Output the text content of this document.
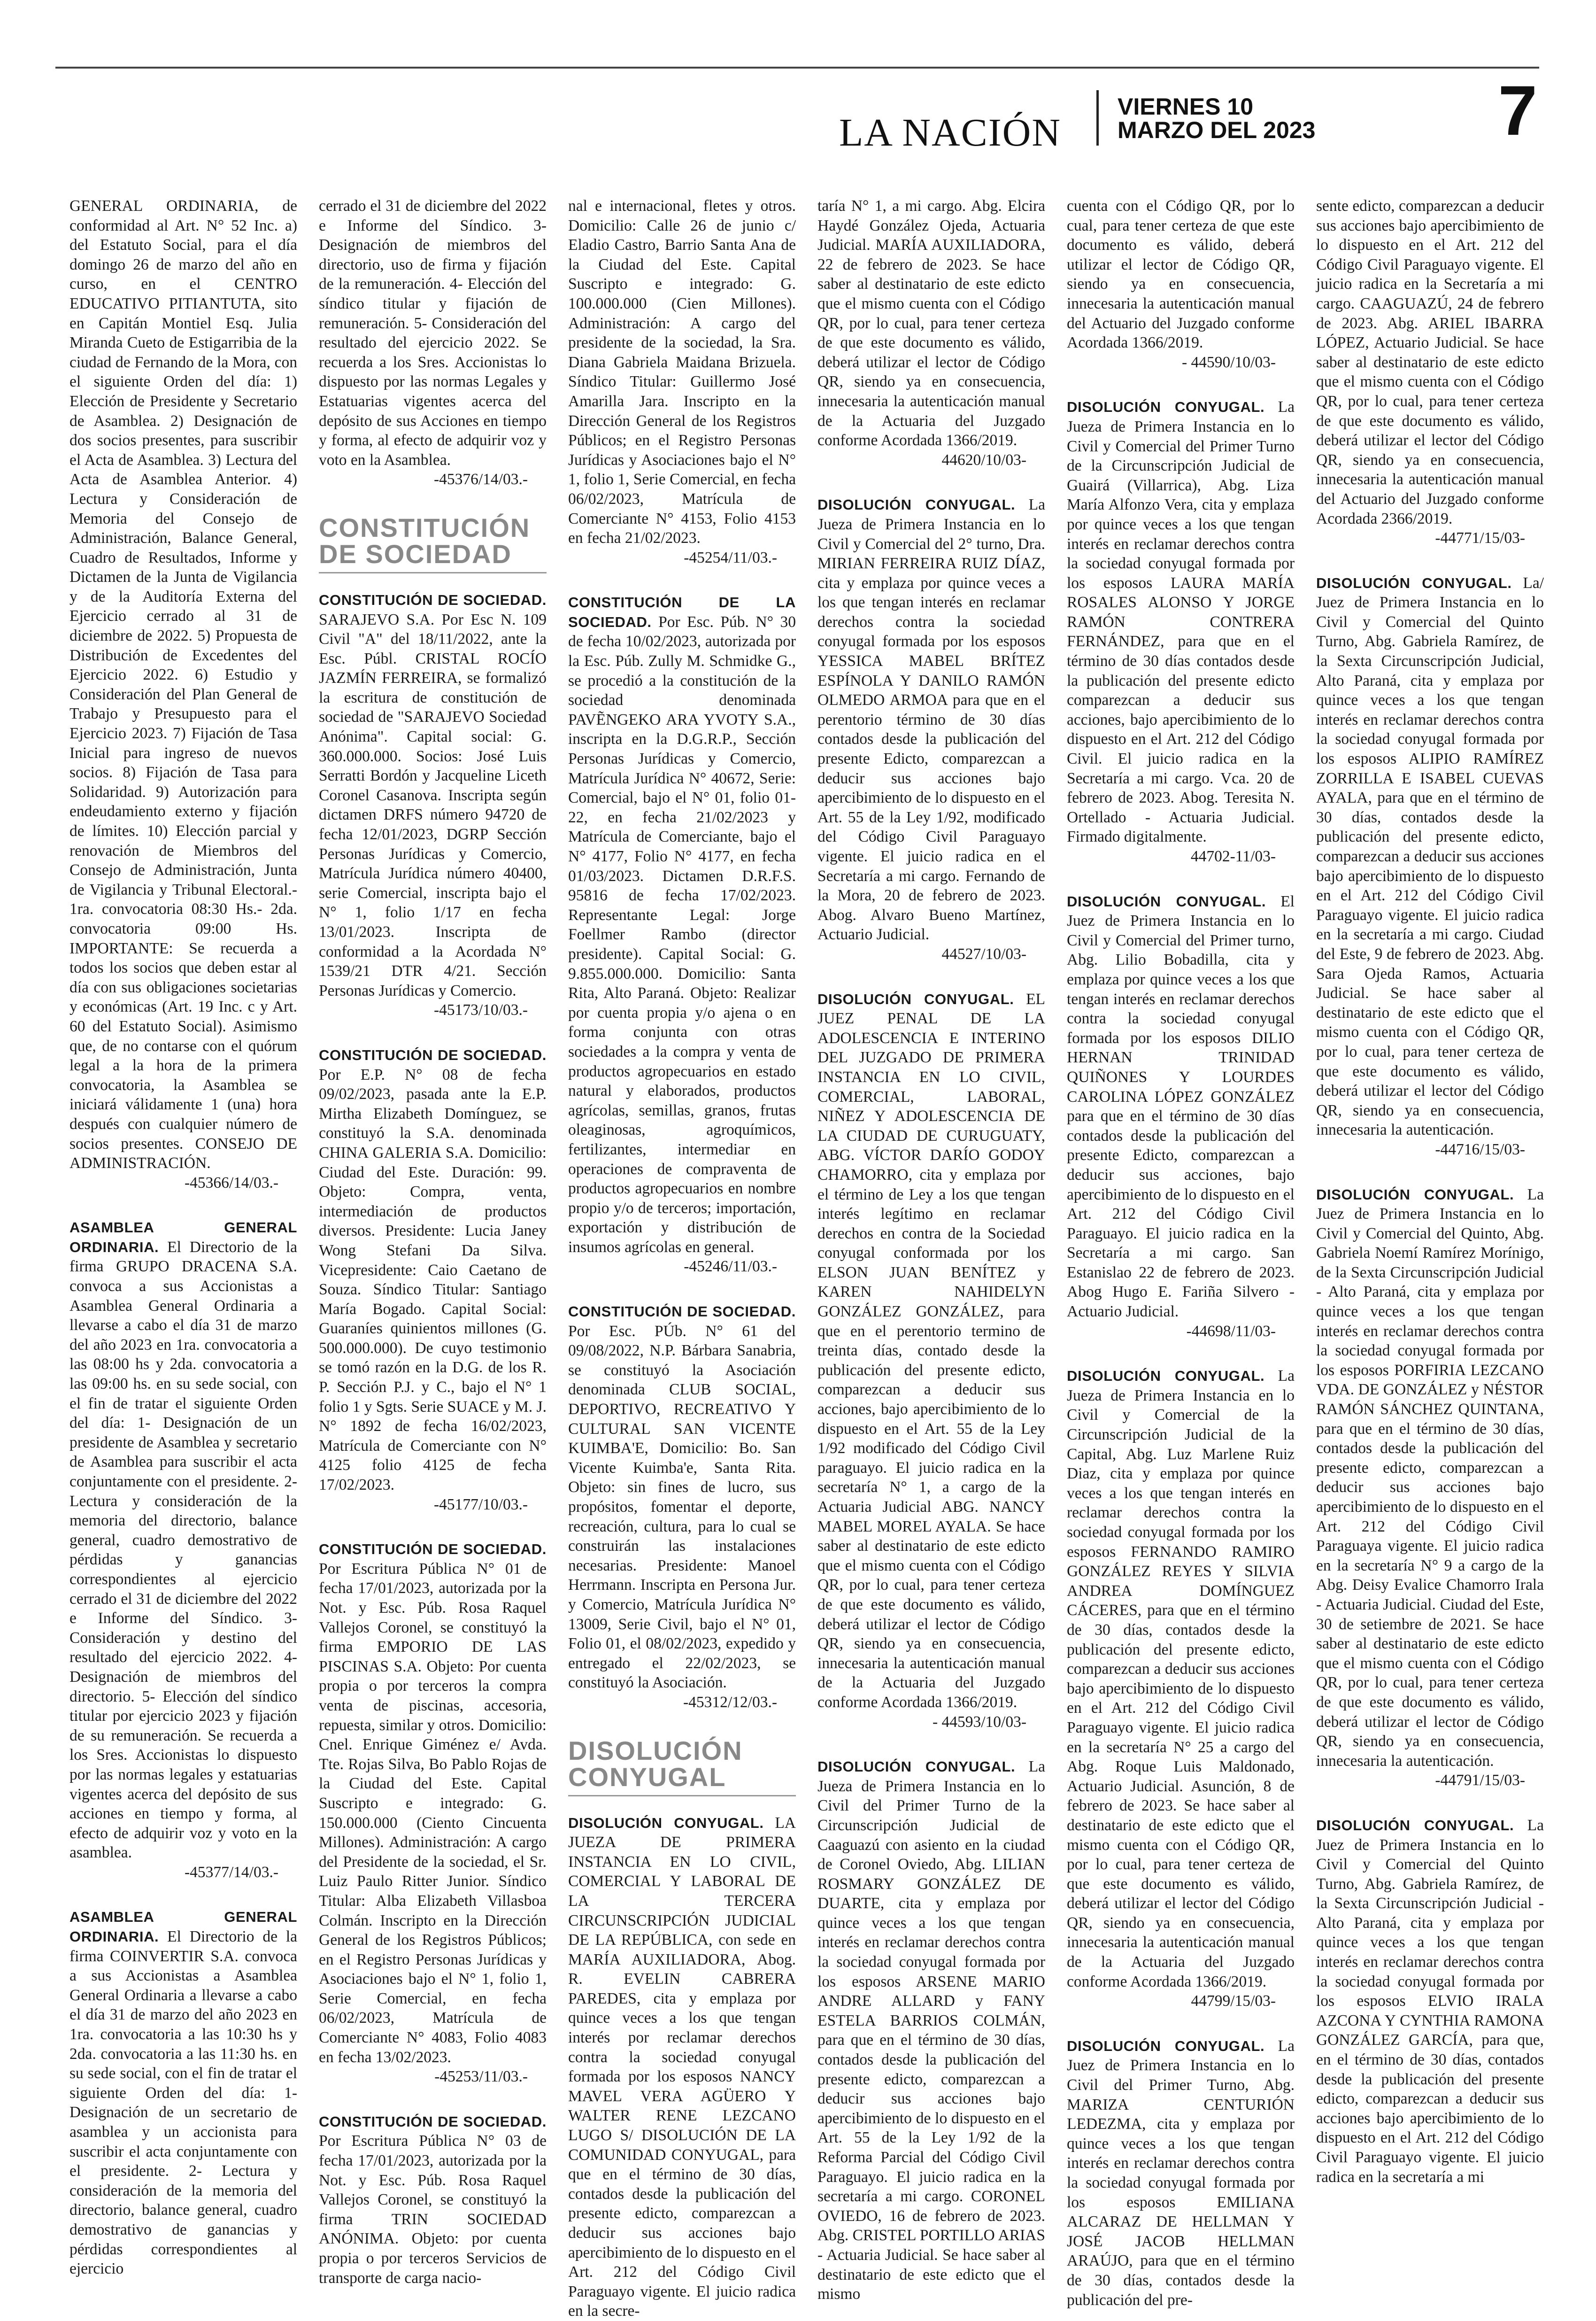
LA NACIÓN
VIERNES 10
MARZO DEL 2023	7

GENERAL ORDINARIA, de conformidad al Art. N° 52 Inc. a) del Estatuto Social, para el día domingo 26 de marzo del año en curso, en el CENTRO EDUCATIVO PITIANTUTA, sito en Capitán Montiel Esq. Julia Miranda Cueto de Estigarribia de la ciudad de Fernando de la Mora, con el siguiente Orden del día: 1) Elección de Presidente y Secretario de Asamblea. 2) Designación de dos socios presentes, para suscribir el Acta de Asamblea. 3) Lectura del Acta de Asamblea Anterior. 4) Lectura y Consideración de Memoria del Consejo de Administración, Balance General, Cuadro de Resultados, Informe y Dictamen de la Junta de Vigilancia y de la Auditoría Externa del Ejercicio cerrado al 31 de diciembre de 2022. 5) Propuesta de Distribución de Excedentes del Ejercicio 2022. 6) Estudio y Consideración del Plan General de Trabajo y Presupuesto para el Ejercicio 2023. 7) Fijación de Tasa Inicial para ingreso de nuevos socios. 8) Fijación de Tasa para Solidaridad. 9) Autorización para endeudamiento externo y fijación de límites. 10) Elección parcial y renovación de Miembros del Consejo de Administración, Junta de Vigilancia y Tribunal Electoral.- 1ra. convocatoria 08:30 Hs.- 2da. convocatoria 09:00 Hs. IMPORTANTE: Se recuerda a todos los socios que deben estar al día con sus obligaciones societarias y económicas (Art. 19 Inc. c y Art. 60 del Estatuto Social). Asimismo que, de no contarse con el quórum legal a la hora de la primera convocatoria, la Asamblea se iniciará válidamente 1 (una) hora después con cualquier número de socios presentes. CONSEJO DE ADMINISTRACIÓN.
-45366/14/03.-

ASAMBLEA GENERAL ORDINARIA. El Directorio de la firma GRUPO DRACENA S.A. convoca a sus Accionistas a Asamblea General Ordinaria a llevarse a cabo el día 31 de marzo del año 2023 en 1ra. convocatoria a las 08:00 hs y 2da. convocatoria a las 09:00 hs. en su sede social, con el fin de tratar el siguiente Orden del día: 1- Designación de un presidente de Asamblea y secretario de Asamblea para suscribir el acta conjuntamente con el presidente. 2- Lectura y consideración de la memoria del directorio, balance general, cuadro demostrativo de pérdidas y ganancias correspondientes al ejercicio cerrado el 31 de diciembre del 2022 e Informe del Síndico. 3- Consideración y destino del resultado del ejercicio 2022. 4- Designación de miembros del directorio. 5- Elección del síndico titular por ejercicio 2023 y fijación de su remuneración. Se recuerda a los Sres. Accionistas lo dispuesto por las normas legales y estatuarias vigentes acerca del depósito de sus acciones en tiempo y forma, al efecto de adquirir voz y voto en la asamblea.
-45377/14/03.-

ASAMBLEA GENERAL ORDINARIA. El Directorio de la firma COINVERTIR S.A. convoca a sus Accionistas a Asamblea General Ordinaria a llevarse a cabo el día 31 de marzo del año 2023 en 1ra. convocatoria a las 10:30 hs y 2da. convocatoria a las 11:30 hs. en su sede social, con el fin de tratar el siguiente Orden del día: 1- Designación de un secretario de asamblea y un accionista para suscribir el acta conjuntamente con el presidente. 2- Lectura y consideración de la memoria del directorio, balance general, cuadro demostrativo de ganancias y pérdidas correspondientes al ejercicio

cerrado el 31 de diciembre del 2022 e Informe del Síndico. 3- Designación de miembros del directorio, uso de firma y fijación de la remuneración. 4- Elección del síndico titular y fijación de remuneración. 5- Consideración del resultado del ejercicio 2022. Se recuerda a los Sres. Accionistas lo dispuesto por las normas Legales y Estatuarias vigentes acerca del depósito de sus Acciones en tiempo y forma, al efecto de adquirir voz y voto en la Asamblea.
-45376/14/03.-

CONSTITUCIÓN
DE SOCIEDAD

CONSTITUCIÓN DE SOCIEDAD. SARAJEVO S.A. Por Esc N. 109 Civil "A" del 18/11/2022, ante la Esc. Públ. CRISTAL ROCÍO JAZMÍN FERREIRA, se formalizó la escritura de constitución de sociedad de "SARAJEVO Sociedad Anónima". Capital social: G. 360.000.000. Socios: José Luis Serratti Bordón y Jacqueline Liceth Coronel Casanova. Inscripta según dictamen DRFS número 94720 de fecha 12/01/2023, DGRP Sección Personas Jurídicas y Comercio, Matrícula Jurídica número 40400, serie Comercial, inscripta bajo el N° 1, folio 1/17 en fecha 13/01/2023. Inscripta de conformidad a la Acordada N° 1539/21 DTR 4/21. Sección Personas Jurídicas y Comercio.
-45173/10/03.-

CONSTITUCIÓN DE SOCIEDAD. Por E.P. N° 08 de fecha 09/02/2023, pasada ante la E.P. Mirtha Elizabeth Domínguez, se constituyó la S.A. denominada CHINA GALERIA S.A. Domicilio: Ciudad del Este. Duración: 99. Objeto: Compra, venta, intermediación de productos diversos. Presidente: Lucia Janey Wong Stefani Da Silva. Vicepresidente: Caio Caetano de Souza. Síndico Titular: Santiago María Bogado. Capital Social: Guaraníes quinientos millones (G. 500.000.000). De cuyo testimonio se tomó razón en la D.G. de los R. P. Sección P.J. y C., bajo el N° 1 folio 1 y Sgts. Serie SUACE y M. J. N° 1892 de fecha 16/02/2023, Matrícula de Comerciante con N° 4125 folio 4125 de fecha 17/02/2023.
-45177/10/03.-

CONSTITUCIÓN DE SOCIEDAD. Por Escritura Pública N° 01 de fecha 17/01/2023, autorizada por la Not. y Esc. Púb. Rosa Raquel Vallejos Coronel, se constituyó la firma EMPORIO DE LAS PISCINAS S.A. Objeto: Por cuenta propia o por terceros la compra venta de piscinas, accesoria, repuesta, similar y otros. Domicilio: Cnel. Enrique Giménez e/ Avda. Tte. Rojas Silva, Bo Pablo Rojas de la Ciudad del Este. Capital Suscripto e integrado: G. 150.000.000 (Ciento Cincuenta Millones). Administración: A cargo del Presidente de la sociedad, el Sr. Luiz Paulo Ritter Junior. Síndico Titular: Alba Elizabeth Villasboa Colmán. Inscripto en la Dirección General de los Registros Públicos; en el Registro Personas Jurídicas y Asociaciones bajo el N° 1, folio 1, Serie Comercial, en fecha 06/02/2023, Matrícula de Comerciante N° 4083, Folio 4083 en fecha 13/02/2023.
-45253/11/03.-

CONSTITUCIÓN DE SOCIEDAD. Por Escritura Pública N° 03 de fecha 17/01/2023, autorizada por la Not. y Esc. Púb. Rosa Raquel Vallejos Coronel, se constituyó la firma TRIN SOCIEDAD ANÓNIMA. Objeto: por cuenta propia o por terceros Servicios de transporte de carga nacio-

nal e internacional, fletes y otros. Domicilio: Calle 26 de junio c/ Eladio Castro, Barrio Santa Ana de la Ciudad del Este. Capital Suscripto e integrado: G. 100.000.000 (Cien Millones). Administración: A cargo del presidente de la sociedad, la Sra. Diana Gabriela Maidana Brizuela. Síndico Titular: Guillermo José Amarilla Jara. Inscripto en la Dirección General de los Registros Públicos; en el Registro Personas Jurídicas y Asociaciones bajo el N° 1, folio 1, Serie Comercial, en fecha 06/02/2023, Matrícula de Comerciante N° 4153, Folio 4153 en fecha 21/02/2023.
-45254/11/03.-

CONSTITUCIÓN DE LA SOCIEDAD. Por Esc. Púb. N° 30 de fecha 10/02/2023, autorizada por la Esc. Púb. Zully M. Schmidke G., se procedió a la constitución de la sociedad denominada PAVẼNGEKO ARA YVOTY S.A., inscripta en la D.G.R.P., Sección Personas Jurídicas y Comercio, Matrícula Jurídica N° 40672, Serie: Comercial, bajo el N° 01, folio 01-22, en fecha 21/02/2023 y Matrícula de Comerciante, bajo el N° 4177, Folio N° 4177, en fecha 01/03/2023. Dictamen D.R.F.S. 95816 de fecha 17/02/2023. Representante Legal: Jorge Foellmer Rambo (director presidente). Capital Social: G. 9.855.000.000. Domicilio: Santa Rita, Alto Paraná. Objeto: Realizar por cuenta propia y/o ajena o en forma conjunta con otras sociedades a la compra y venta de productos agropecuarios en estado natural y elaborados, productos agrícolas, semillas, granos, frutas oleaginosas, agroquímicos, fertilizantes, intermediar en operaciones de compraventa de productos agropecuarios en nombre propio y/o de terceros; importación, exportación y distribución de insumos agrícolas en general.
-45246/11/03.-

CONSTITUCIÓN DE SOCIEDAD. Por Esc. PÚb. N° 61 del 09/08/2022, N.P. Bárbara Sanabria, se constituyó la Asociación denominada CLUB SOCIAL, DEPORTIVO, RECREATIVO Y CULTURAL SAN VICENTE KUIMBA'E, Domicilio: Bo. San Vicente Kuimba'e, Santa Rita. Objeto: sin fines de lucro, sus propósitos, fomentar el deporte, recreación, cultura, para lo cual se construirán las instalaciones necesarias. Presidente: Manoel Herrmann. Inscripta en Persona Jur. y Comercio, Matrícula Jurídica N° 13009, Serie Civil, bajo el N° 01, Folio 01, el 08/02/2023, expedido y entregado el 22/02/2023, se constituyó la Asociación.
-45312/12/03.-

DISOLUCIÓN
CONYUGAL

DISOLUCIÓN CONYUGAL. LA JUEZA DE PRIMERA INSTANCIA EN LO CIVIL, COMERCIAL Y LABORAL DE LA TERCERA CIRCUNSCRIPCIÓN JUDICIAL DE LA REPÚBLICA, con sede en MARÍA AUXILIADORA, Abog. R. EVELIN CABRERA PAREDES, cita y emplaza por quince veces a los que tengan interés por reclamar derechos contra la sociedad conyugal formada por los esposos NANCY MAVEL VERA AGÜERO Y WALTER RENE LEZCANO LUGO S/ DISOLUCIÓN DE LA COMUNIDAD CONYUGAL, para que en el término de 30 días, contados desde la publicación del presente edicto, comparezcan a deducir sus acciones bajo apercibimiento de lo dispuesto en el Art. 212 del Código Civil Paraguayo vigente. El juicio radica en la secre-

taría N° 1, a mi cargo. Abg. Elcira Haydé González Ojeda, Actuaria Judicial. MARÍA AUXILIADORA, 22 de febrero de 2023. Se hace saber al destinatario de este edicto que el mismo cuenta con el Código QR, por lo cual, para tener certeza de que este documento es válido, deberá utilizar el lector de Código QR, siendo ya en consecuencia, innecesaria la autenticación manual de la Actuaria del Juzgado conforme Acordada 1366/2019.
44620/10/03-

DISOLUCIÓN CONYUGAL. La Jueza de Primera Instancia en lo Civil y Comercial del 2° turno, Dra. MIRIAN FERREIRA RUIZ DÍAZ, cita y emplaza por quince veces a los que tengan interés en reclamar derechos contra la sociedad conyugal formada por los esposos YESSICA MABEL BRÍTEZ ESPÍNOLA Y DANILO RAMÓN OLMEDO ARMOA para que en el perentorio término de 30 días contados desde la publicación del presente Edicto, comparezcan a deducir sus acciones bajo apercibimiento de lo dispuesto en el Art. 55 de la Ley 1/92, modificado del Código Civil Paraguayo vigente. El juicio radica en el Secretaría a mi cargo. Fernando de la Mora, 20 de febrero de 2023. Abog. Alvaro Bueno Martínez, Actuario Judicial.
44527/10/03-

DISOLUCIÓN CONYUGAL. EL JUEZ PENAL DE LA ADOLESCENCIA E INTERINO DEL JUZGADO DE PRIMERA INSTANCIA EN LO CIVIL, COMERCIAL, LABORAL, NIÑEZ Y ADOLESCENCIA DE LA CIUDAD DE CURUGUATY, ABG. VÍCTOR DARÍO GODOY CHAMORRO, cita y emplaza por el término de Ley a los que tengan interés legítimo en reclamar derechos en contra de la Sociedad conyugal conformada por los ELSON JUAN BENÍTEZ y KAREN NAHIDELYN GONZÁLEZ GONZÁLEZ, para que en el perentorio termino de treinta días, contado desde la publicación del presente edicto, comparezcan a deducir sus acciones, bajo apercibimiento de lo dispuesto en el Art. 55 de la Ley 1/92 modificado del Código Civil paraguayo. El juicio radica en la secretaría N° 1, a cargo de la Actuaria Judicial ABG. NANCY MABEL MOREL AYALA. Se hace saber al destinatario de este edicto que el mismo cuenta con el Código QR, por lo cual, para tener certeza de que este documento es válido, deberá utilizar el lector de Código QR, siendo ya en consecuencia, innecesaria la autenticación manual de la Actuaria del Juzgado conforme Acordada 1366/2019.
- 44593/10/03-

DISOLUCIÓN CONYUGAL. La Jueza de Primera Instancia en lo Civil del Primer Turno de la Circunscripción Judicial de Caaguazú con asiento en la ciudad de Coronel Oviedo, Abg. LILIAN ROSMARY GONZÁLEZ DE DUARTE, cita y emplaza por quince veces a los que tengan interés en reclamar derechos contra la sociedad conyugal formada por los esposos ARSENE MARIO ANDRE ALLARD y FANY ESTELA BARRIOS COLMÁN, para que en el término de 30 días, contados desde la publicación del presente edicto, comparezcan a deducir sus acciones bajo apercibimiento de lo dispuesto en el Art. 55 de la Ley 1/92 de la Reforma Parcial del Código Civil Paraguayo. El juicio radica en la secretaría a mi cargo. CORONEL OVIEDO, 16 de febrero de 2023. Abg. CRISTEL PORTILLO ARIAS - Actuaria Judicial. Se hace saber al destinatario de este edicto que el mismo

cuenta con el Código QR, por lo cual, para tener certeza de que este documento es válido, deberá utilizar el lector de Código QR, siendo ya en consecuencia, innecesaria la autenticación manual del Actuario del Juzgado conforme Acordada 1366/2019.
- 44590/10/03-

DISOLUCIÓN CONYUGAL. La Jueza de Primera Instancia en lo Civil y Comercial del Primer Turno de la Circunscripción Judicial de Guairá (Villarrica), Abg. Liza María Alfonzo Vera, cita y emplaza por quince veces a los que tengan interés en reclamar derechos contra la sociedad conyugal formada por los esposos LAURA MARÍA ROSALES ALONSO Y JORGE RAMÓN CONTRERA FERNÁNDEZ, para que en el término de 30 días contados desde la publicación del presente edicto comparezcan a deducir sus acciones, bajo apercibimiento de lo dispuesto en el Art. 212 del Código Civil. El juicio radica en la Secretaría a mi cargo. Vca. 20 de febrero de 2023. Abog. Teresita N. Ortellado - Actuaria Judicial. Firmado digitalmente.
44702-11/03-

DISOLUCIÓN CONYUGAL. El Juez de Primera Instancia en lo Civil y Comercial del Primer turno, Abg. Lilio Bobadilla, cita y emplaza por quince veces a los que tengan interés en reclamar derechos contra la sociedad conyugal formada por los esposos DILIO HERNAN TRINIDAD QUIÑONES Y LOURDES CAROLINA LÓPEZ GONZÁLEZ para que en el término de 30 días contados desde la publicación del presente Edicto, comparezcan a deducir sus acciones, bajo apercibimiento de lo dispuesto en el Art. 212 del Código Civil Paraguayo. El juicio radica en la Secretaría a mi cargo. San Estanislao 22 de febrero de 2023. Abog Hugo E. Fariña Silvero - Actuario Judicial.
-44698/11/03-

DISOLUCIÓN CONYUGAL. La Jueza de Primera Instancia en lo Civil y Comercial de la Circunscripción Judicial de la Capital, Abg. Luz Marlene Ruiz Diaz, cita y emplaza por quince veces a los que tengan interés en reclamar derechos contra la sociedad conyugal formada por los esposos FERNANDO RAMIRO GONZÁLEZ REYES Y SILVIA ANDREA DOMÍNGUEZ CÁCERES, para que en el término de 30 días, contados desde la publicación del presente edicto, comparezcan a deducir sus acciones bajo apercibimiento de lo dispuesto en el Art. 212 del Código Civil Paraguayo vigente. El juicio radica en la secretaría N° 25 a cargo del Abg. Roque Luis Maldonado, Actuario Judicial. Asunción, 8 de febrero de 2023. Se hace saber al destinatario de este edicto que el mismo cuenta con el Código QR, por lo cual, para tener certeza de que este documento es válido, deberá utilizar el lector del Código QR, siendo ya en consecuencia, innecesaria la autenticación manual de la Actuaria del Juzgado conforme Acordada 1366/2019.
44799/15/03-

DISOLUCIÓN CONYUGAL. La Juez de Primera Instancia en lo Civil del Primer Turno, Abg. MARIZA CENTURIÓN LEDEZMA, cita y emplaza por quince veces a los que tengan interés en reclamar derechos contra la sociedad conyugal formada por los esposos EMILIANA ALCARAZ DE HELLMAN Y JOSÉ JACOB HELLMAN ARAÚJO, para que en el término de 30 días, contados desde la publicación del pre-

sente edicto, comparezcan a deducir sus acciones bajo apercibimiento de lo dispuesto en el Art. 212 del Código Civil Paraguayo vigente. El juicio radica en la Secretaría a mi cargo. CAAGUAZÚ, 24 de febrero de 2023. Abg. ARIEL IBARRA LÓPEZ, Actuario Judicial. Se hace saber al destinatario de este edicto que el mismo cuenta con el Código QR, por lo cual, para tener certeza de que este documento es válido, deberá utilizar el lector del Código QR, siendo ya en consecuencia, innecesaria la autenticación manual del Actuario del Juzgado conforme Acordada 2366/2019.
-44771/15/03-

DISOLUCIÓN CONYUGAL. La/ Juez de Primera Instancia en lo Civil y Comercial del Quinto Turno, Abg. Gabriela Ramírez, de la Sexta Circunscripción Judicial, Alto Paraná, cita y emplaza por quince veces a los que tengan interés en reclamar derechos contra la sociedad conyugal formada por los esposos ALIPIO RAMÍREZ ZORRILLA E ISABEL CUEVAS AYALA, para que en el término de 30 días, contados desde la publicación del presente edicto, comparezcan a deducir sus acciones bajo apercibimiento de lo dispuesto en el Art. 212 del Código Civil Paraguayo vigente. El juicio radica en la secretaría a mi cargo. Ciudad del Este, 9 de febrero de 2023. Abg. Sara Ojeda Ramos, Actuaria Judicial. Se hace saber al destinatario de este edicto que el mismo cuenta con el Código QR, por lo cual, para tener certeza de que este documento es válido, deberá utilizar el lector del Código QR, siendo ya en consecuencia, innecesaria la autenticación.
-44716/15/03-

DISOLUCIÓN CONYUGAL. La Juez de Primera Instancia en lo Civil y Comercial del Quinto, Abg. Gabriela Noemí Ramírez Morínigo, de la Sexta Circunscripción Judicial - Alto Paraná, cita y emplaza por quince veces a los que tengan interés en reclamar derechos contra la sociedad conyugal formada por los esposos PORFIRIA LEZCANO VDA. DE GONZÁLEZ y NÉSTOR RAMÓN SÁNCHEZ QUINTANA, para que en el término de 30 días, contados desde la publicación del presente edicto, comparezcan a deducir sus acciones bajo apercibimiento de lo dispuesto en el Art. 212 del Código Civil Paraguaya vigente. El juicio radica en la secretaría N° 9 a cargo de la Abg. Deisy Evalice Chamorro Irala - Actuaria Judicial. Ciudad del Este, 30 de setiembre de 2021. Se hace saber al destinatario de este edicto que el mismo cuenta con el Código QR, por lo cual, para tener certeza de que este documento es válido, deberá utilizar el lector de Código QR, siendo ya en consecuencia, innecesaria la autenticación.
-44791/15/03-

DISOLUCIÓN CONYUGAL. La Juez de Primera Instancia en lo Civil y Comercial del Quinto Turno, Abg. Gabriela Ramírez, de la Sexta Circunscripción Judicial - Alto Paraná, cita y emplaza por quince veces a los que tengan interés en reclamar derechos contra la sociedad conyugal formada por los esposos ELVIO IRALA AZCONA Y CYNTHIA RAMONA GONZÁLEZ GARCÍA, para que, en el término de 30 días, contados desde la publicación del presente edicto, comparezcan a deducir sus acciones bajo apercibimiento de lo dispuesto en el Art. 212 del Código Civil Paraguayo vigente. El juicio radica en la secretaría a mi
